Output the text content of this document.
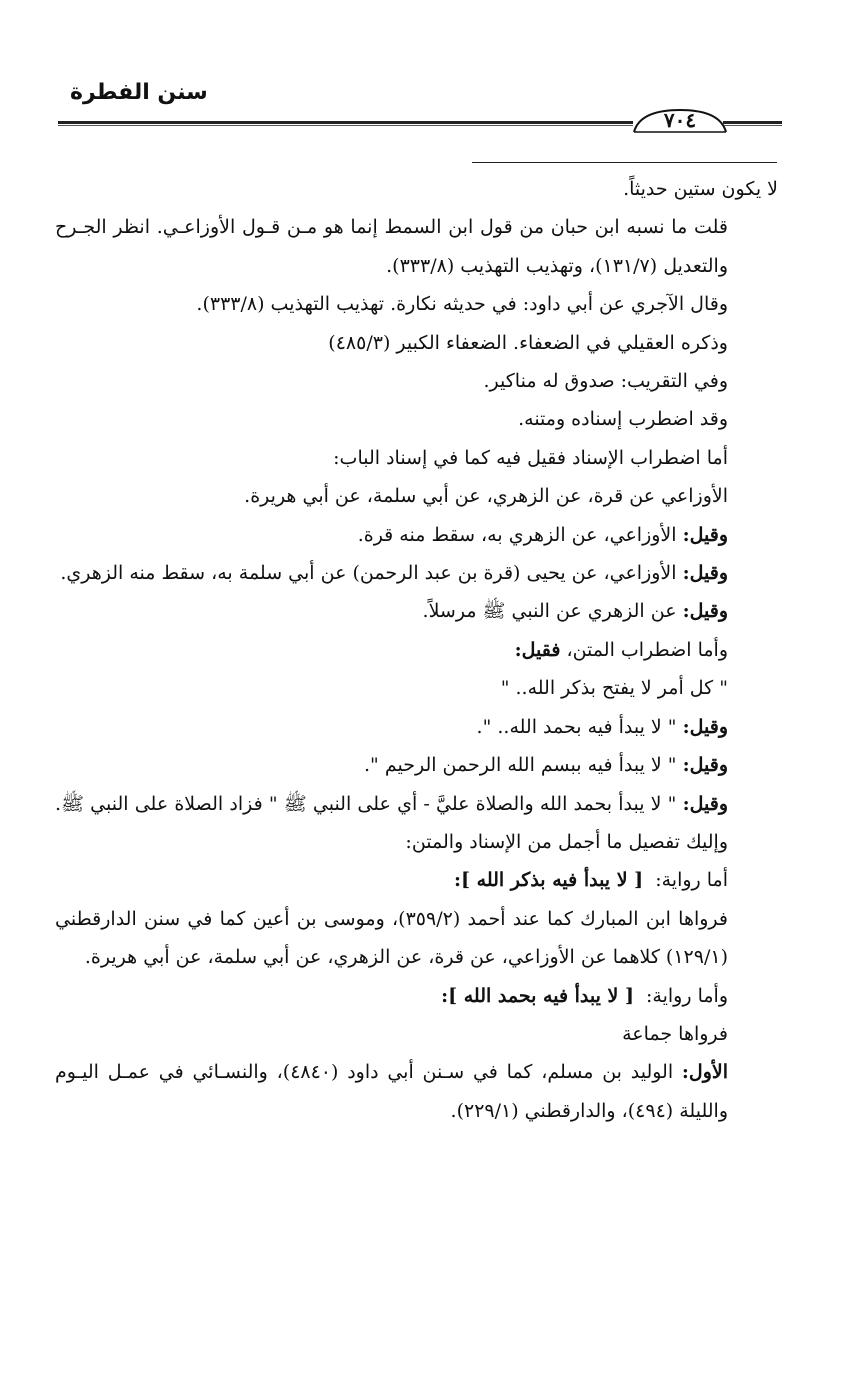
سنن الفطرة
٧٠٤

لا يكون ستين حديثاً.

قلت ما نسبه ابن حبان من قول ابن السمط إنما هو مـن قـول الأوزاعـي. انظر الجـرح والتعديل (١٣١/٧)، وتهذيب التهذيب (٣٣٣/٨).

وقال الآجري عن أبي داود: في حديثه نكارة. تهذيب التهذيب (٣٣٣/٨).

وذكره العقيلي في الضعفاء. الضعفاء الكبير (٤٨٥/٣)

وفي التقريب: صدوق له مناكير.

وقد اضطرب إسناده ومتنه.

أما اضطراب الإسناد فقيل فيه كما في إسناد الباب:

الأوزاعي عن قرة، عن الزهري، عن أبي سلمة، عن أبي هريرة.

وقيل: الأوزاعي، عن الزهري به، سقط منه قرة.

وقيل: الأوزاعي، عن يحيى (قرة بن عبد الرحمن) عن أبي سلمة به، سقط منه الزهري.

وقيل: عن الزهري عن النبي ﷺ مرسلاً.

وأما اضطراب المتن، فقيل:

" كل أمر لا يفتح بذكر الله.. "

وقيل: " لا يبدأ فيه بحمد الله.. ".

وقيل: " لا يبدأ فيه ببسم الله الرحمن الرحيم ".

وقيل: " لا يبدأ بحمد الله والصلاة عليَّ - أي على النبي ﷺ " فزاد الصلاة على النبي ﷺ. وإليك تفصيل ما أجمل من الإسناد والمتن:

أما رواية: [ لا يبدأ فيه بذكر الله ]:

فرواها ابن المبارك كما عند أحمد (٣٥٩/٢)، وموسى بن أعين كما في سنن الدارقطني (١٢٩/١) كلاهما عن الأوزاعي، عن قرة، عن الزهري، عن أبي سلمة، عن أبي هريرة.

وأما رواية: [ لا يبدأ فيه بحمد الله ]:

فرواها جماعة

الأول: الوليد بن مسلم، كما في سـنن أبي داود (٤٨٤٠)، والنسـائي في عمـل اليـوم والليلة (٤٩٤)، والدارقطني (٢٢٩/١).
